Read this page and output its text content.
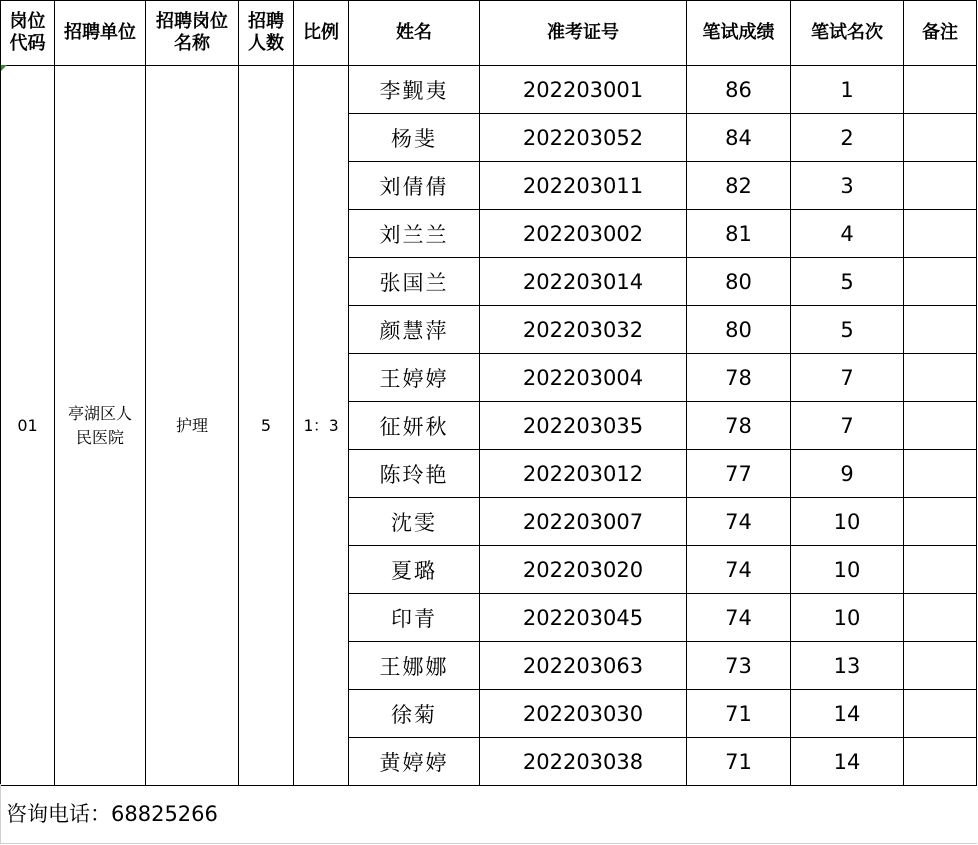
岗位代码	招聘单位	招聘岗位名称	招聘人数	比例	姓名	准考证号	笔试成绩	笔试名次	备注
01	亭湖区人民医院	护理	5	1：3	李觐夷	202203001	86	1	
					杨斐	202203052	84	2	
					刘倩倩	202203011	82	3	
					刘兰兰	202203002	81	4	
					张国兰	202203014	80	5	
					颜慧萍	202203032	80	5	
					王婷婷	202203004	78	7	
					征妍秋	202203035	78	7	
					陈玲艳	202203012	77	9	
					沈雯	202203007	74	10	
					夏璐	202203020	74	10	
					印青	202203045	74	10	
					王娜娜	202203063	73	13	
					徐菊	202203030	71	14	
					黄婷婷	202203038	71	14	
咨询电话：68825266
